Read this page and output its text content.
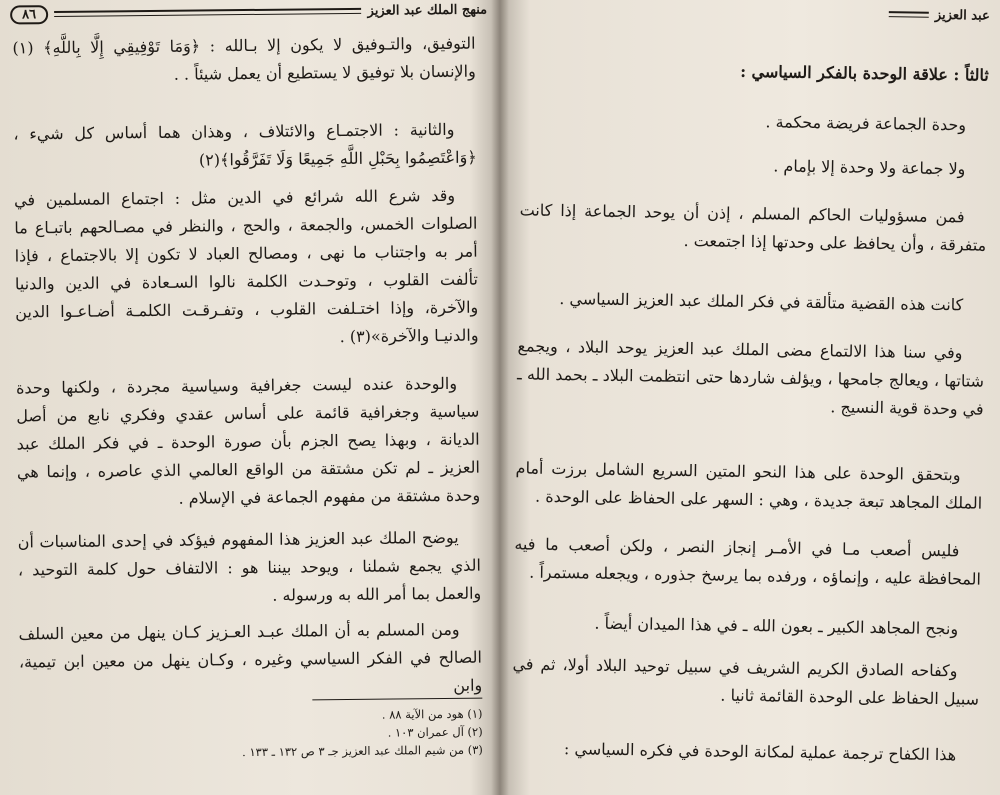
منهج الملك عبد العزيز
٨٦

التوفيق، والتـوفيق لا يكون إلا بـالله : ﴿وَمَا تَوْفِيقِي إِلَّا بِاللَّهِ﴾ (١) والإنسان بلا توفيق لا يستطيع أن يعمل شيئاً . .

والثانية : الاجتمـاع والائتلاف ، وهذان هما أساس كل شيء ، ﴿وَاعْتَصِمُوا بِحَبْلِ اللَّهِ جَمِيعًا وَلَا تَفَرَّقُوا﴾(٢)

وقد شرع الله شرائع في الدين مثل : اجتماع المسلمين في الصلوات الخمس، والجمعة ، والحج ، والنظر في مصـالحهم باتبـاع ما أمر به واجتناب ما نهى ، ومصالح العباد لا تكون إلا بالاجتماع ، فإذا تألفت القلوب ، وتوحـدت الكلمة نالوا السـعادة في الدين والدنيا والآخرة، وإذا اختـلفت القلوب ، وتفـرقـت الكلمـة أضـاعـوا الدين والدنيـا والآخرة»(٣) .

والوحدة عنده ليست جغرافية وسياسية مجردة ، ولكنها وحدة سياسية وجغرافية قائمة على أساس عقدي وفكري نابع من أصل الديانة ، وبهذا يصح الجزم بأن صورة الوحدة ـ في فكر الملك عبد العزيز ـ لم تكن مشتقة من الواقع العالمي الذي عاصره ، وإنما هي وحدة مشتقة من مفهوم الجماعة في الإسلام .

يوضح الملك عبد العزيز هذا المفهوم فيؤكد في إحدى المناسبات أن الذي يجمع شملنا ، ويوحد بيننا هو : الالتفاف حول كلمة التوحيد ، والعمل بما أمر الله به ورسوله .

ومن المسلم به أن الملك عبـد العـزيز كـان ينهل من معين السلف الصالح في الفكر السياسي وغيره ، وكـان ينهل من معين ابن تيمية، وابن

(١) هود من الآية ٨٨ .
(٢) آل عمران ١٠٣ .
(٣) من شيم الملك عبد العزيز جـ ٣ ص ١٣٢ ـ ١٣٣ .
عبد العزيز

ثالثاً : علاقة الوحدة بالفكر السياسي :

وحدة الجماعة فريضة محكمة .

ولا جماعة ولا وحدة إلا بإمام .

فمن مسؤوليات الحاكم المسلم ، إذن أن يوحد الجماعة إذا كانت متفرقة ، وأن يحافظ على وحدتها إذا اجتمعت .

كانت هذه القضية متألقة في فكر الملك عبد العزيز السياسي .

وفي سنا هذا الالتماع مضى الملك عبد العزيز يوحد البلاد ، ويجمع شتاتها ، ويعالج جامحها ، ويؤلف شاردها حتى انتظمت البلاد ـ بحمد الله ـ في وحدة قوية النسيج .

وبتحقق الوحدة على هذا النحو المتين السريع الشامل برزت أمام الملك المجاهد تبعة جديدة ، وهي : السهر على الحفاظ على الوحدة .

فليس أصعب مـا في الأمـر إنجاز النصر ، ولكن أصعب ما فيه المحافظة عليه ، وإنماؤه ، ورفده بما يرسخ جذوره ، ويجعله مستمراً .

ونجح المجاهد الكبير ـ بعون الله ـ في هذا الميدان أيضاً .

وكفاحه الصادق الكريم الشريف في سبيل توحيد البلاد أولا، ثم في سبيل الحفاظ على الوحدة القائمة ثانيا .

هذا الكفاح ترجمة عملية لمكانة الوحدة في فكره السياسي :
